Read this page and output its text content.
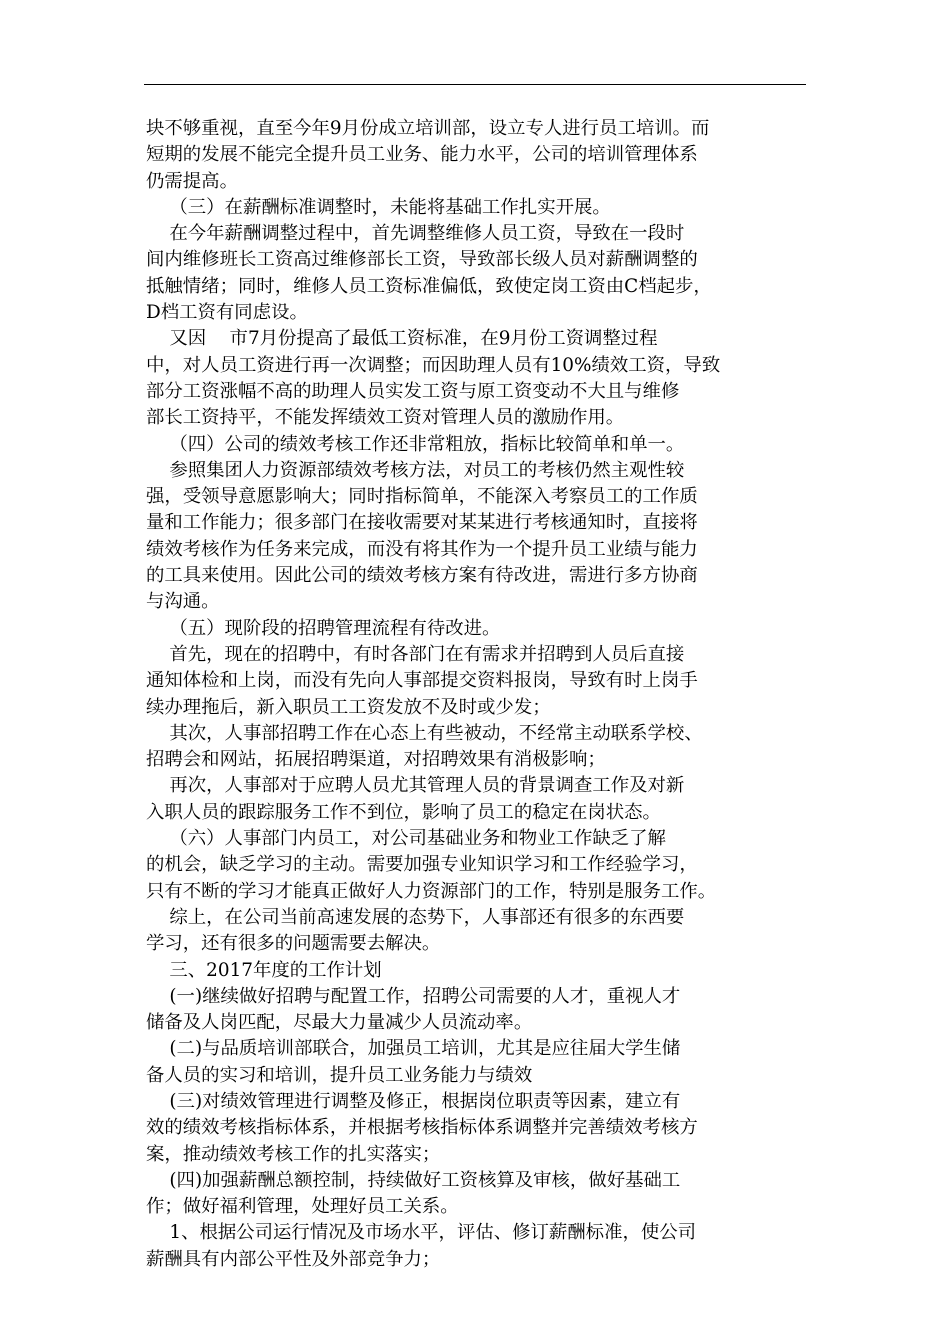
块不够重视，直至今年9月份成立培训部，设立专人进行员工培训。而
短期的发展不能完全提升员工业务、能力水平，公司的培训管理体系
仍需提高。
（三）在薪酬标准调整时，未能将基础工作扎实开展。
在今年薪酬调整过程中，首先调整维修人员工资，导致在一段时
间内维修班长工资高过维修部长工资，导致部长级人员对薪酬调整的
抵触情绪；同时，维修人员工资标准偏低，致使定岗工资由C档起步，
D档工资有同虑设。
又因    市7月份提高了最低工资标准，在9月份工资调整过程
中，对人员工资进行再一次调整；而因助理人员有10%绩效工资，导致
部分工资涨幅不高的助理人员实发工资与原工资变动不大且与维修
部长工资持平，不能发挥绩效工资对管理人员的激励作用。
（四）公司的绩效考核工作还非常粗放，指标比较简单和单一。
参照集团人力资源部绩效考核方法，对员工的考核仍然主观性较
强，受领导意愿影响大；同时指标简单，不能深入考察员工的工作质
量和工作能力；很多部门在接收需要对某某进行考核通知时，直接将
绩效考核作为任务来完成，而没有将其作为一个提升员工业绩与能力
的工具来使用。因此公司的绩效考核方案有待改进，需进行多方协商
与沟通。
（五）现阶段的招聘管理流程有待改进。
首先，现在的招聘中，有时各部门在有需求并招聘到人员后直接
通知体检和上岗，而没有先向人事部提交资料报岗，导致有时上岗手
续办理拖后，新入职员工工资发放不及时或少发；
其次，人事部招聘工作在心态上有些被动，不经常主动联系学校、
招聘会和网站，拓展招聘渠道，对招聘效果有消极影响；
再次，人事部对于应聘人员尤其管理人员的背景调查工作及对新
入职人员的跟踪服务工作不到位，影响了员工的稳定在岗状态。
（六）人事部门内员工，对公司基础业务和物业工作缺乏了解
的机会，缺乏学习的主动。需要加强专业知识学习和工作经验学习，
只有不断的学习才能真正做好人力资源部门的工作，特别是服务工作。
综上，在公司当前高速发展的态势下，人事部还有很多的东西要
学习，还有很多的问题需要去解决。
三、2017年度的工作计划
(一)继续做好招聘与配置工作，招聘公司需要的人才，重视人才
储备及人岗匹配，尽最大力量减少人员流动率。
(二)与品质培训部联合，加强员工培训，尤其是应往届大学生储
备人员的实习和培训，提升员工业务能力与绩效
(三)对绩效管理进行调整及修正，根据岗位职责等因素，建立有
效的绩效考核指标体系，并根据考核指标体系调整并完善绩效考核方
案，推动绩效考核工作的扎实落实；
(四)加强薪酬总额控制，持续做好工资核算及审核，做好基础工
作；做好福利管理，处理好员工关系。
1、根据公司运行情况及市场水平，评估、修订薪酬标准，使公司
薪酬具有内部公平性及外部竞争力；
